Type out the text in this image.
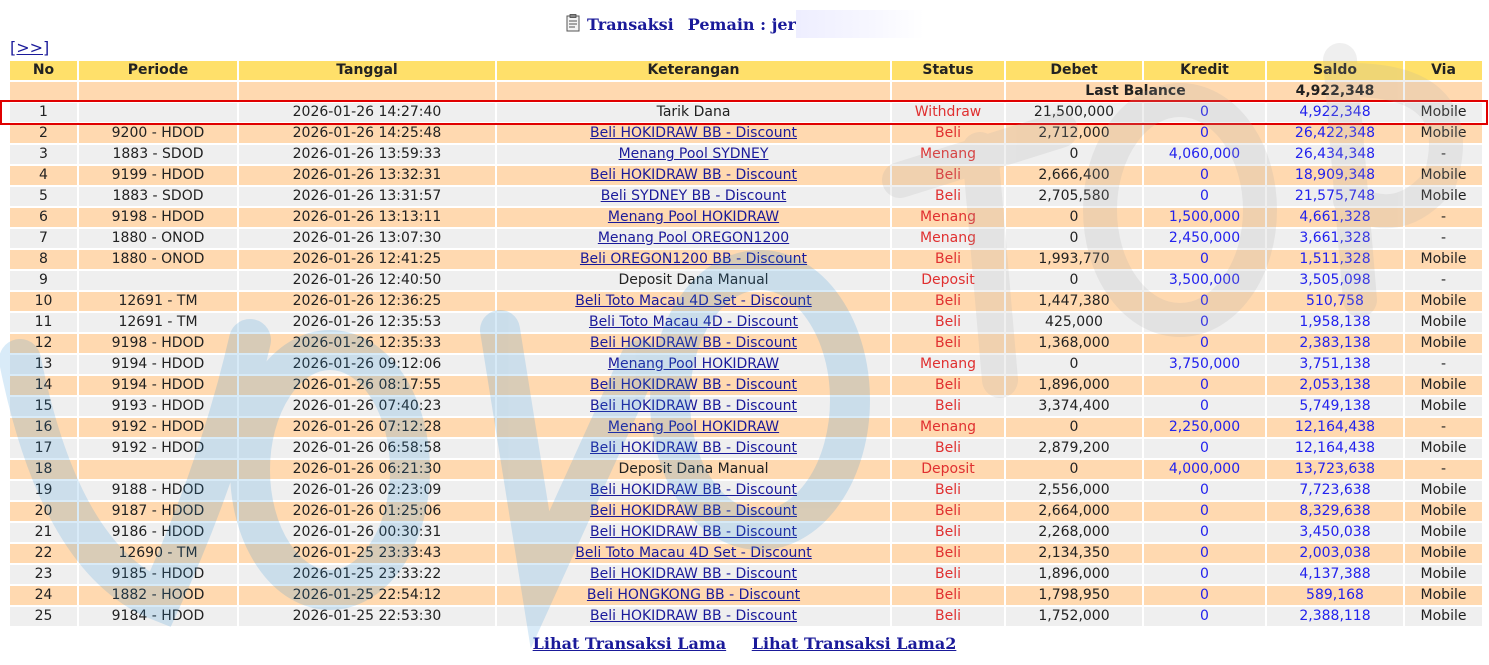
Transaksi Pemain : jer
[>>]
No	Periode	Tanggal	Keterangan	Status	Debet	Kredit	Saldo	Via
					Last Balance		4,922,348	
1		2026-01-26 14:27:40	Tarik Dana	Withdraw	21,500,000	0	4,922,348	Mobile
2	9200 - HDOD	2026-01-26 14:25:48	Beli HOKIDRAW BB - Discount	Beli	2,712,000	0	26,422,348	Mobile
3	1883 - SDOD	2026-01-26 13:59:33	Menang Pool SYDNEY	Menang	0	4,060,000	26,434,348	-
4	9199 - HDOD	2026-01-26 13:32:31	Beli HOKIDRAW BB - Discount	Beli	2,666,400	0	18,909,348	Mobile
5	1883 - SDOD	2026-01-26 13:31:57	Beli SYDNEY BB - Discount	Beli	2,705,580	0	21,575,748	Mobile
6	9198 - HDOD	2026-01-26 13:13:11	Menang Pool HOKIDRAW	Menang	0	1,500,000	4,661,328	-
7	1880 - ONOD	2026-01-26 13:07:30	Menang Pool OREGON1200	Menang	0	2,450,000	3,661,328	-
8	1880 - ONOD	2026-01-26 12:41:25	Beli OREGON1200 BB - Discount	Beli	1,993,770	0	1,511,328	Mobile
9		2026-01-26 12:40:50	Deposit Dana Manual	Deposit	0	3,500,000	3,505,098	-
10	12691 - TM	2026-01-26 12:36:25	Beli Toto Macau 4D Set - Discount	Beli	1,447,380	0	510,758	Mobile
11	12691 - TM	2026-01-26 12:35:53	Beli Toto Macau 4D - Discount	Beli	425,000	0	1,958,138	Mobile
12	9198 - HDOD	2026-01-26 12:35:33	Beli HOKIDRAW BB - Discount	Beli	1,368,000	0	2,383,138	Mobile
13	9194 - HDOD	2026-01-26 09:12:06	Menang Pool HOKIDRAW	Menang	0	3,750,000	3,751,138	-
14	9194 - HDOD	2026-01-26 08:17:55	Beli HOKIDRAW BB - Discount	Beli	1,896,000	0	2,053,138	Mobile
15	9193 - HDOD	2026-01-26 07:40:23	Beli HOKIDRAW BB - Discount	Beli	3,374,400	0	5,749,138	Mobile
16	9192 - HDOD	2026-01-26 07:12:28	Menang Pool HOKIDRAW	Menang	0	2,250,000	12,164,438	-
17	9192 - HDOD	2026-01-26 06:58:58	Beli HOKIDRAW BB - Discount	Beli	2,879,200	0	12,164,438	Mobile
18		2026-01-26 06:21:30	Deposit Dana Manual	Deposit	0	4,000,000	13,723,638	-
19	9188 - HDOD	2026-01-26 02:23:09	Beli HOKIDRAW BB - Discount	Beli	2,556,000	0	7,723,638	Mobile
20	9187 - HDOD	2026-01-26 01:25:06	Beli HOKIDRAW BB - Discount	Beli	2,664,000	0	8,329,638	Mobile
21	9186 - HDOD	2026-01-26 00:30:31	Beli HOKIDRAW BB - Discount	Beli	2,268,000	0	3,450,038	Mobile
22	12690 - TM	2026-01-25 23:33:43	Beli Toto Macau 4D Set - Discount	Beli	2,134,350	0	2,003,038	Mobile
23	9185 - HDOD	2026-01-25 23:33:22	Beli HOKIDRAW BB - Discount	Beli	1,896,000	0	4,137,388	Mobile
24	1882 - HOOD	2026-01-25 22:54:12	Beli HONGKONG BB - Discount	Beli	1,798,950	0	589,168	Mobile
25	9184 - HDOD	2026-01-25 22:53:30	Beli HOKIDRAW BB - Discount	Beli	1,752,000	0	2,388,118	Mobile
Lihat Transaksi Lama Lihat Transaksi Lama2
